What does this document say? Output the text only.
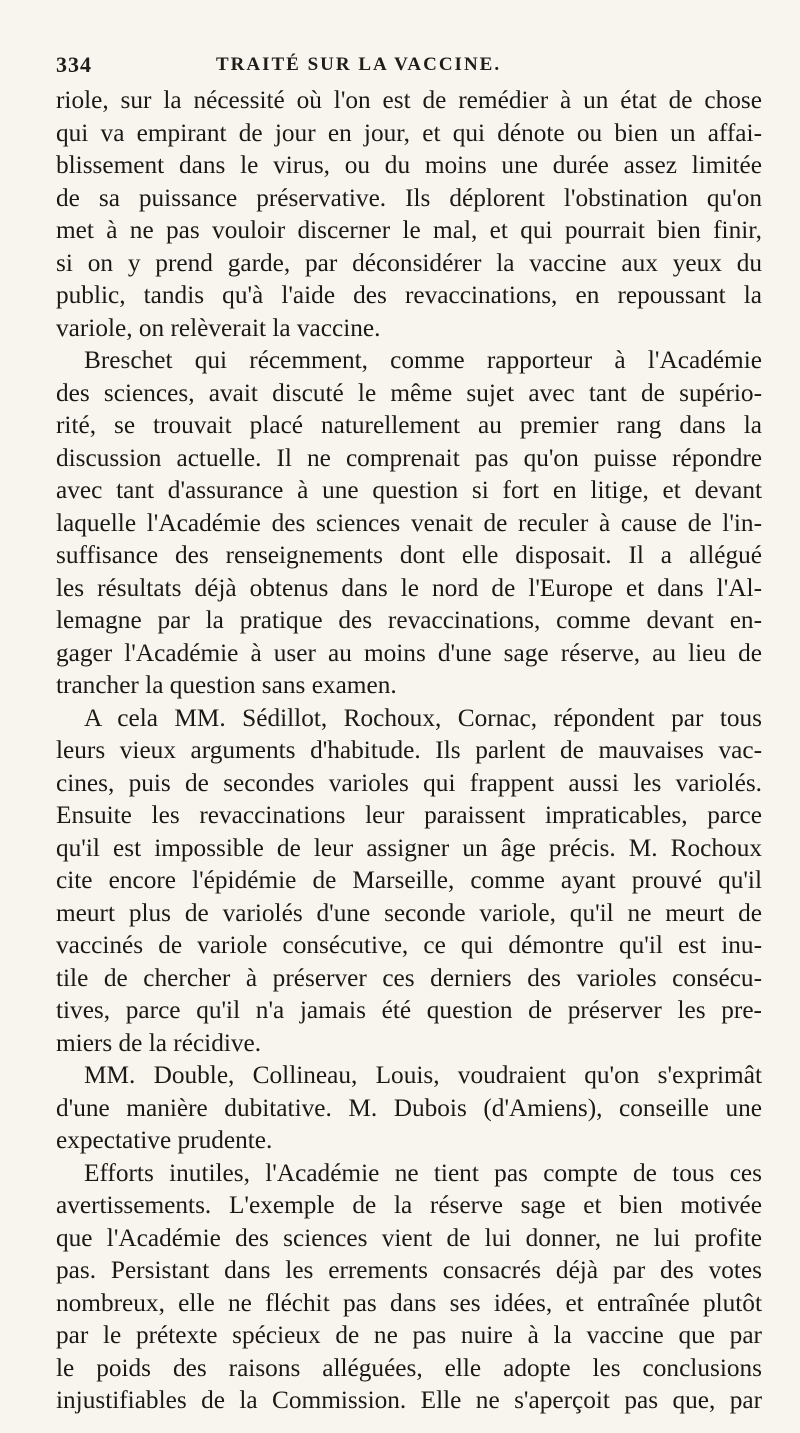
334	TRAITÉ SUR LA VACCINE.
riole, sur la nécessité où l'on est de remédier à un état de chose
qui va empirant de jour en jour, et qui dénote ou bien un affai-
blissement dans le virus, ou du moins une durée assez limitée
de sa puissance préservative. Ils déplorent l'obstination qu'on
met à ne pas vouloir discerner le mal, et qui pourrait bien finir,
si on y prend garde, par déconsidérer la vaccine aux yeux du
public, tandis qu'à l'aide des revaccinations, en repoussant la
variole, on relèverait la vaccine.
Breschet qui récemment, comme rapporteur à l'Académie
des sciences, avait discuté le même sujet avec tant de supério-
rité, se trouvait placé naturellement au premier rang dans la
discussion actuelle. Il ne comprenait pas qu'on puisse répondre
avec tant d'assurance à une question si fort en litige, et devant
laquelle l'Académie des sciences venait de reculer à cause de l'in-
suffisance des renseignements dont elle disposait. Il a allégué
les résultats déjà obtenus dans le nord de l'Europe et dans l'Al-
lemagne par la pratique des revaccinations, comme devant en-
gager l'Académie à user au moins d'une sage réserve, au lieu de
trancher la question sans examen.
A cela MM. Sédillot, Rochoux, Cornac, répondent par tous
leurs vieux arguments d'habitude. Ils parlent de mauvaises vac-
cines, puis de secondes varioles qui frappent aussi les variolés.
Ensuite les revaccinations leur paraissent impraticables, parce
qu'il est impossible de leur assigner un âge précis. M. Rochoux
cite encore l'épidémie de Marseille, comme ayant prouvé qu'il
meurt plus de variolés d'une seconde variole, qu'il ne meurt de
vaccinés de variole consécutive, ce qui démontre qu'il est inu-
tile de chercher à préserver ces derniers des varioles consécu-
tives, parce qu'il n'a jamais été question de préserver les pre-
miers de la récidive.
MM. Double, Collineau, Louis, voudraient qu'on s'exprimât
d'une manière dubitative. M. Dubois (d'Amiens), conseille une
expectative prudente.
Efforts inutiles, l'Académie ne tient pas compte de tous ces
avertissements. L'exemple de la réserve sage et bien motivée
que l'Académie des sciences vient de lui donner, ne lui profite
pas. Persistant dans les errements consacrés déjà par des votes
nombreux, elle ne fléchit pas dans ses idées, et entraînée plutôt
par le prétexte spécieux de ne pas nuire à la vaccine que par
le poids des raisons alléguées, elle adopte les conclusions
injustifiables de la Commission. Elle ne s'aperçoit pas que, par
